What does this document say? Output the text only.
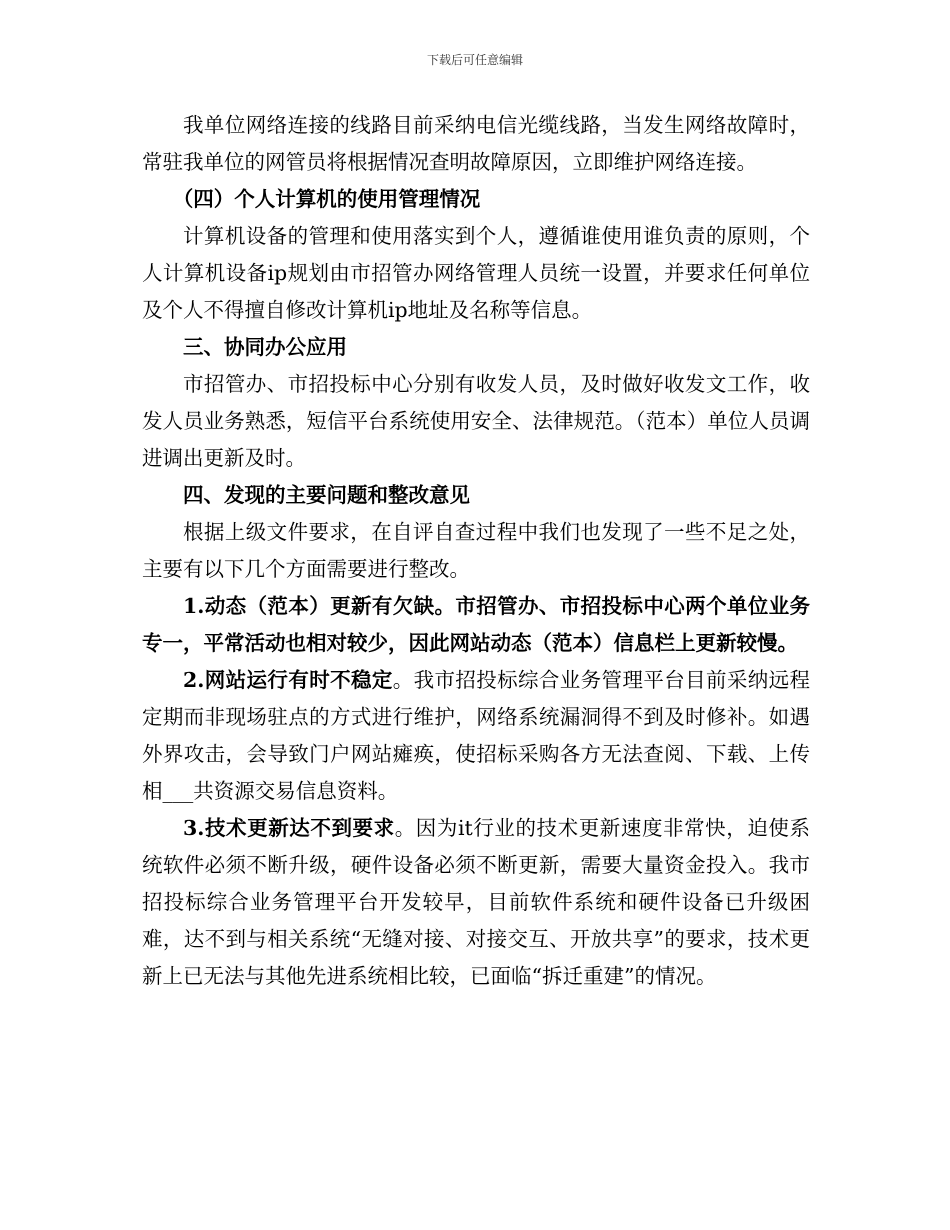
下载后可任意编辑

我单位网络连接的线路目前采纳电信光缆线路，当发生网络故障时，常驻我单位的网管员将根据情况查明故障原因，立即维护网络连接。

（四）个人计算机的使用管理情况

计算机设备的管理和使用落实到个人，遵循谁使用谁负责的原则，个人计算机设备ip规划由市招管办网络管理人员统一设置，并要求任何单位及个人不得擅自修改计算机ip地址及名称等信息。

三、协同办公应用

市招管办、市招投标中心分别有收发人员，及时做好收发文工作，收发人员业务熟悉，短信平台系统使用安全、法律规范。（范本）单位人员调进调出更新及时。

四、发现的主要问题和整改意见

根据上级文件要求，在自评自查过程中我们也发现了一些不足之处，主要有以下几个方面需要进行整改。

1.动态（范本）更新有欠缺。市招管办、市招投标中心两个单位业务专一，平常活动也相对较少，因此网站动态（范本）信息栏上更新较慢。

2.网站运行有时不稳定。我市招投标综合业务管理平台目前采纳远程定期而非现场驻点的方式进行维护，网络系统漏洞得不到及时修补。如遇外界攻击，会导致门户网站瘫痪，使招标采购各方无法查阅、下载、上传相___共资源交易信息资料。

3.技术更新达不到要求。因为it行业的技术更新速度非常快，迫使系统软件必须不断升级，硬件设备必须不断更新，需要大量资金投入。我市招投标综合业务管理平台开发较早，目前软件系统和硬件设备已升级困难，达不到与相关系统“无缝对接、对接交互、开放共享”的要求，技术更新上已无法与其他先进系统相比较，已面临“拆迁重建”的情况。
